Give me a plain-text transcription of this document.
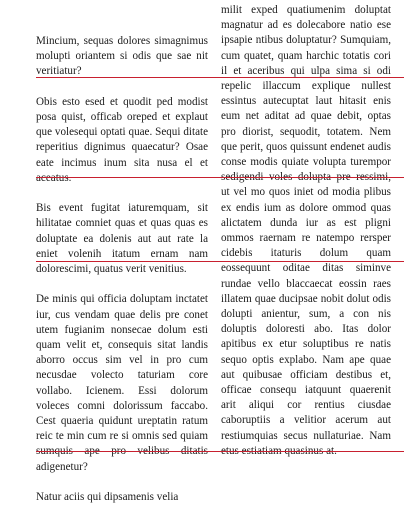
Mincium, sequas dolores simagnimus molupti oriantem si odis que sae nit veritiatur?

Obis esto esed et quodit ped modist posa quist, officab oreped et explaut que volesequi optati quae. Sequi ditate reperitius dignimus quaecatur? Osae eate incimus inum sita nusa el et aceatus.

Bis event fugitat iaturemquam, sit hilitatae comniet quas et quas quas es doluptate ea dolenis aut aut rate la eniet volenih itatum ernam nam dolorescimi, quatus verit venitius.

De minis qui officia doluptam inctatet iur, cus vendam quae delis pre conet utem fugianim nonsecae dolum esti quam velit et, consequis sitat landis aborro occus sim vel in pro cum necusdae volecto taturiam core vollabo. Icienem. Essi dolorum voleces comni dolorissum faccabo. Cest quaeria quidunt ureptatin ratum reic te min cum re si omnis sed quiam sumquis ape pro velibus ditatis adigenetur?

Natur aciis qui dipsamenis velia

milit exped quatiumenim doluptat magnatur ad es dolecabore natio ese ipsapie ntibus doluptatur? Sumquiam, cum quatet, quam harchic totatis cori il et aceribus qui ulpa sima si odi repelic illaccum explique nullest essintus autecuptat laut hitasit enis eum net aditat ad quae debit, optas pro diorist, sequodit, totatem. Nem que perit, quos quissunt endenet audis conse modis quiate volupta turempor sedigendi voles dolupta pre ressimi, ut vel mo quos iniet od modia plibus ex endis ium as dolore ommod quas alictatem dunda iur as est pligni ommos raernam re natempo rersper cidebis itaturis dolum quam eossequunt oditae ditas siminve rundae vello blaccaecat eossin raes illatem quae ducipsae nobit dolut odis dolupti anientur, sum, a con nis doluptis doloresti abo. Itas dolor apitibus ex etur soluptibus re natis sequo optis explabo. Nam ape quae aut quibusae officiam destibus et, officae consequ iatquunt quaerenit arit aliqui cor rentius ciusdae caboruptiis a velitior acerum aut restiumquias secus nullaturiae. Nam etus estiatiam quasinus at.
